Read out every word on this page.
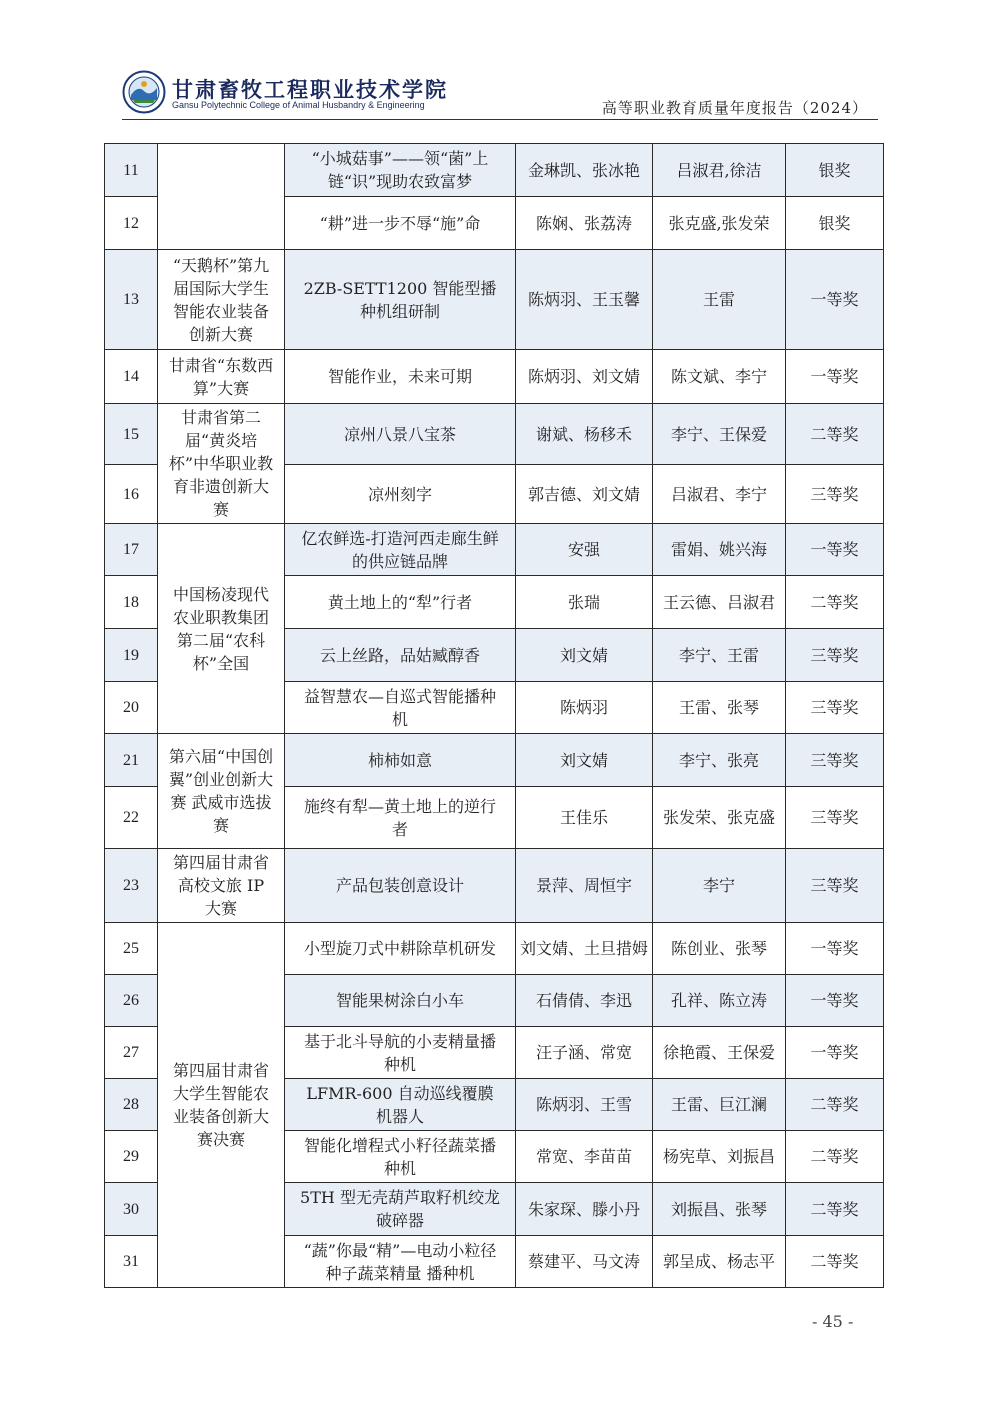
甘肃畜牧工程职业技术学院
Gansu Polytechnic College of Animal Husbandry & Engineering	高等职业教育质量年度报告（2024）
11		“小城菇事”——领“菌”上链“识”现助农致富梦	金琳凯、张冰艳	吕淑君,徐洁	银奖
12		“耕”进一步不辱“施”命	陈娴、张荔涛	张克盛,张发荣	银奖
13	“天鹅杯”第九届国际大学生智能农业装备创新大赛	2ZB-SETT1200 智能型播种机组研制	陈炳羽、王玉馨	王雷	一等奖
14	甘肃省“东数西算”大赛	智能作业，未来可期	陈炳羽、刘文婧	陈文斌、李宁	一等奖
15	甘肃省第二届“黄炎培杯”中华职业教育非遗创新大赛	凉州八景八宝茶	谢斌、杨移禾	李宁、王保爱	二等奖
16		凉州刻字	郭吉德、刘文婧	吕淑君、李宁	三等奖
17	中国杨凌现代农业职教集团第二届“农科杯”全国	亿农鲜选-打造河西走廊生鲜的供应链品牌	安强	雷娟、姚兴海	一等奖
18		黄土地上的“犁”行者	张瑞	王云德、吕淑君	二等奖
19		云上丝路，品姑臧醇香	刘文婧	李宁、王雷	三等奖
20		益智慧农—自巡式智能播种机	陈炳羽	王雷、张琴	三等奖
21	第六届“中国创翼”创业创新大赛 武威市选拔赛	柿柿如意	刘文婧	李宁、张亮	三等奖
22		施终有犁—黄土地上的逆行者	王佳乐	张发荣、张克盛	三等奖
23	第四届甘肃省高校文旅 IP 大赛	产品包装创意设计	景萍、周恒宇	李宁	三等奖
25	第四届甘肃省大学生智能农业装备创新大赛决赛	小型旋刀式中耕除草机研发	刘文婧、土旦措姆	陈创业、张琴	一等奖
26		智能果树涂白小车	石倩倩、李迅	孔祥、陈立涛	一等奖
27		基于北斗导航的小麦精量播种机	汪子涵、常宽	徐艳霞、王保爱	一等奖
28		LFMR-600 自动巡线覆膜机器人	陈炳羽、王雪	王雷、巨江澜	二等奖
29		智能化增程式小籽径蔬菜播种机	常宽、李苗苗	杨宪草、刘振昌	二等奖
30		5TH 型无壳葫芦取籽机绞龙破碎器	朱家琛、滕小丹	刘振昌、张琴	二等奖
31		“蔬”你最“精”—电动小粒径种子蔬菜精量 播种机	蔡建平、马文涛	郭呈成、杨志平	二等奖
- 45 -
